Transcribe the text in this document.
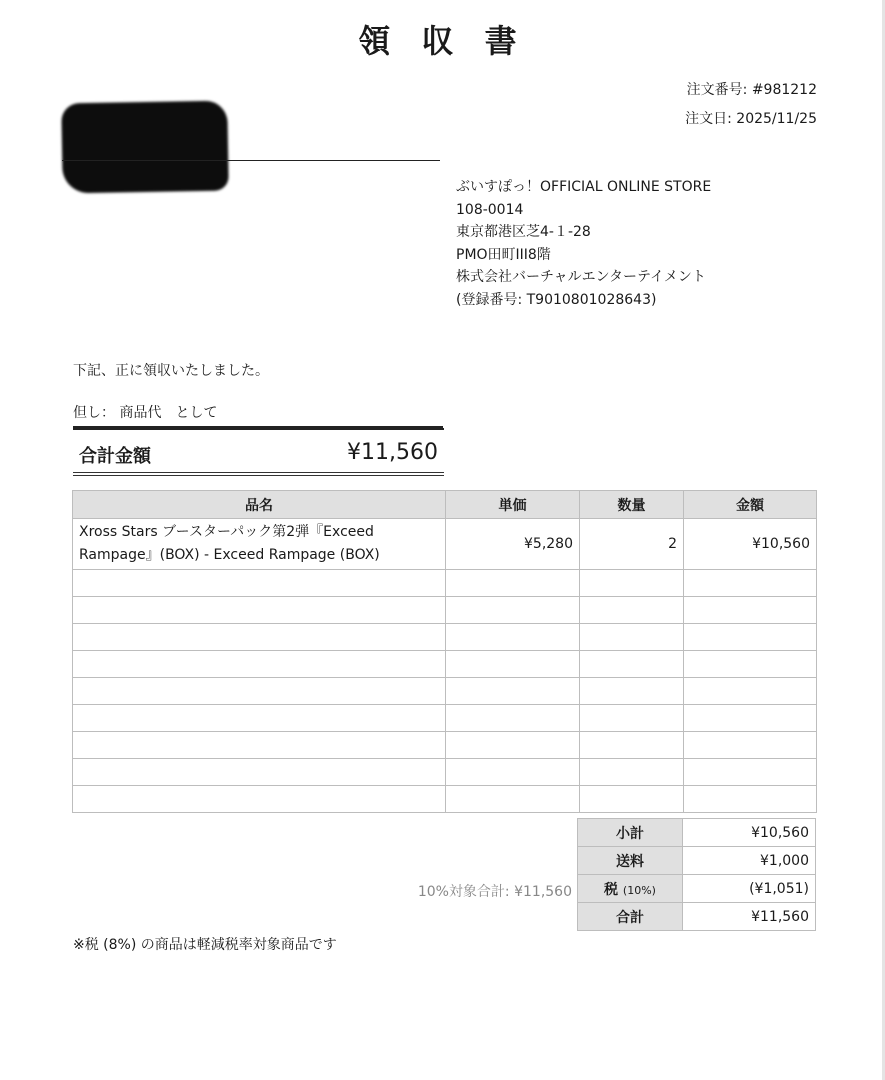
領 収 書
注文番号: #981212
注文日: 2025/11/25
ぶいすぽっ！OFFICIAL ONLINE STORE
108-0014
東京都港区芝4-１-28
PMO田町III8階
株式会社バーチャルエンターテイメント
(登録番号: T9010801028643)
下記、正に領収いたしました。
但し： 商品代　として
合計金額	¥11,560
品名	単価	数量	金額

Xross Stars ブースターパック第2弾『Exceed
Rampage』(BOX) - Exceed Rampage (BOX)	¥5,280	2	¥10,560

10%対象合計: ¥11,560
小計	¥10,560
送料	¥1,000
税 (10%)	(¥1,051)
合計	¥11,560
※税 (8%) の商品は軽減税率対象商品です
